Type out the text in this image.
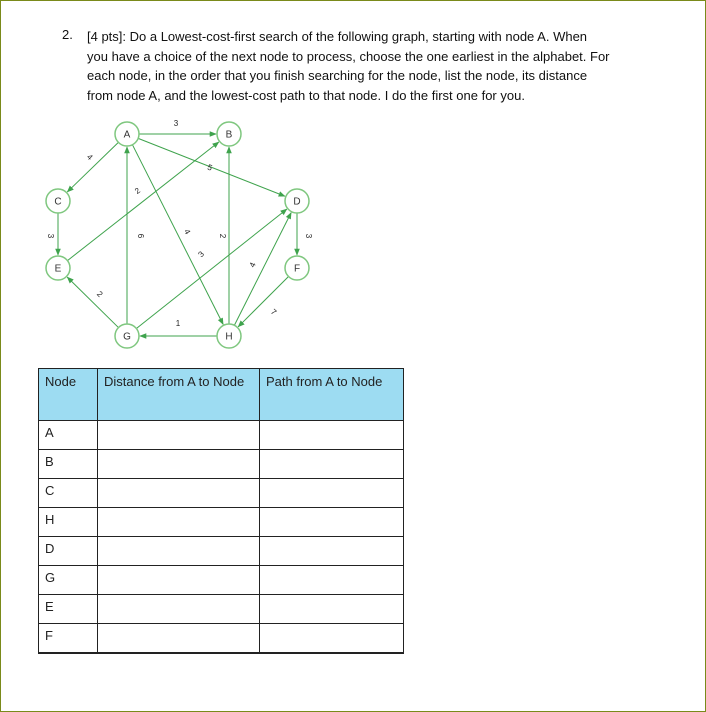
2. [4 pts]: Do a Lowest-cost-first search of the following graph, starting with node A. When
you have a choice of the next node to process, choose the one earliest in the alphabet. For
each node, in the order that you finish searching for the node, list the node, its distance
from node A, and the lowest-cost path to that node. I do the first one for you.
3
4
5
4
3
2
6
2
3
1
2
4
3
7
A	B
C	D
E	F
G	H
Node	Distance from A to Node	Path from A to Node
A		
B		
C		
H		
D		
G		
E		
F		
